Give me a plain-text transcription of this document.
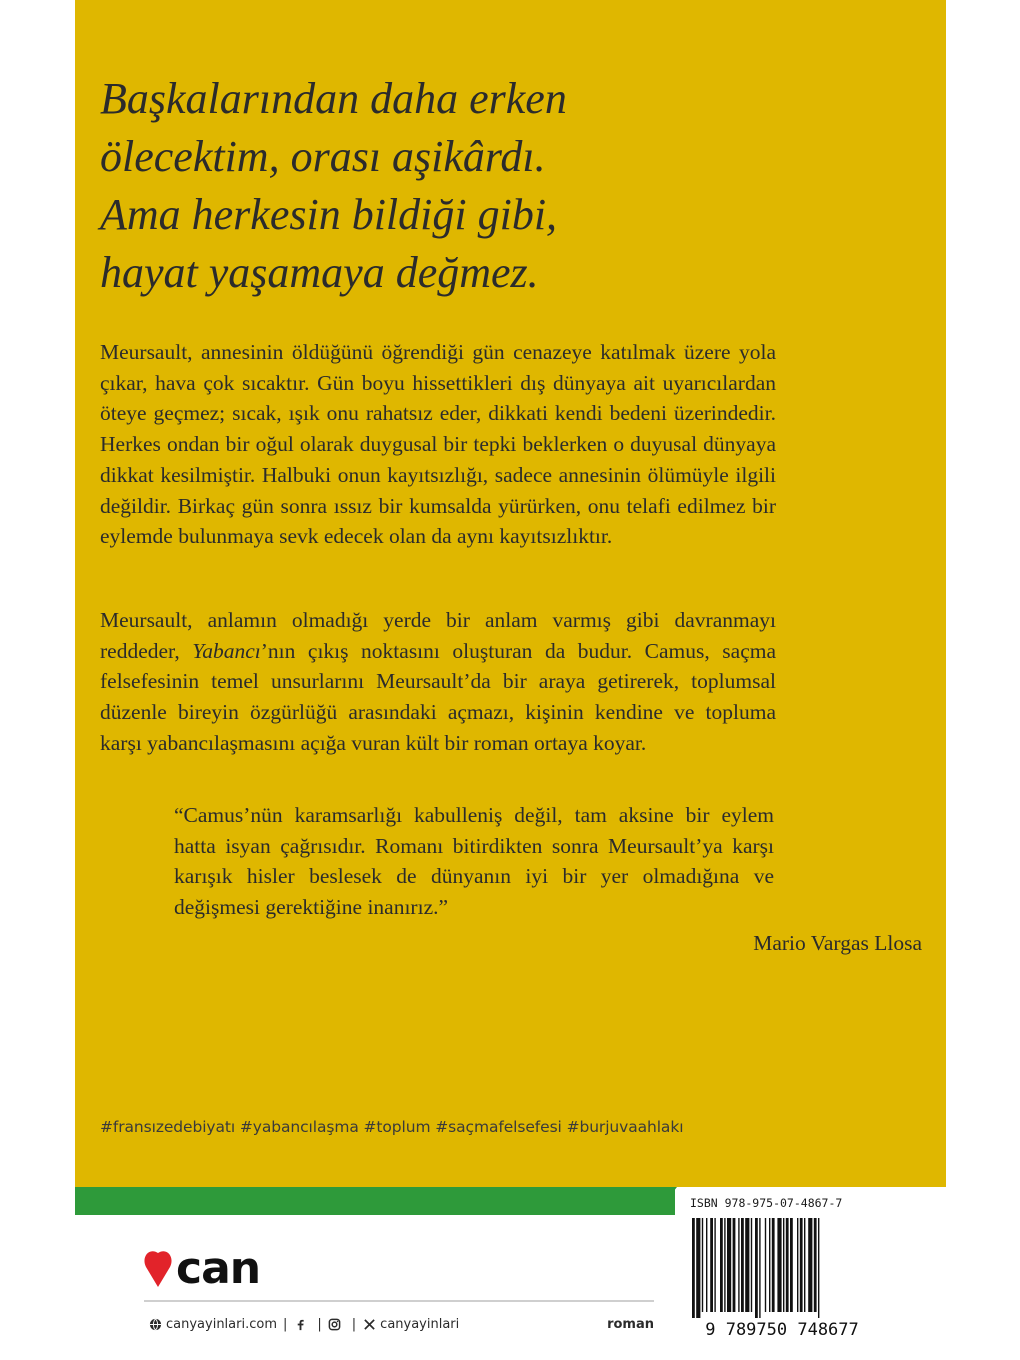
Başkalarından daha erken
ölecektim, orası aşikârdı.
Ama herkesin bildiği gibi,
hayat yaşamaya değmez.

Meursault, annesinin öldüğünü öğrendiği gün cenazeye katılmak üzere yola çıkar, hava çok sıcaktır. Gün boyu hissettikleri dış dünyaya ait uyarıcılardan öteye geçmez; sıcak, ışık onu rahatsız eder, dikkati kendi bedeni üzerindedir. Herkes ondan bir oğul olarak duygusal bir tepki beklerken o duyusal dünyaya dikkat kesilmiştir. Halbuki onun kayıtsızlığı, sadece annesinin ölümüyle ilgili değildir. Birkaç gün sonra ıssız bir kumsalda yürürken, onu telafi edilmez bir eylemde bulunmaya sevk edecek olan da aynı kayıtsızlıktır.

Meursault, anlamın olmadığı yerde bir anlam varmış gibi davranmayı reddeder, Yabancı’nın çıkış noktasını oluşturan da budur. Camus, saçma felsefesinin temel unsurlarını Meursault’da bir araya getirerek, toplumsal düzenle bireyin özgürlüğü arasındaki açmazı, kişinin kendine ve topluma karşı yabancılaşmasını açığa vuran kült bir roman ortaya koyar.

“Camus’nün karamsarlığı kabulleniş değil, tam aksine bir eylem hatta isyan çağrısıdır. Romanı bitirdikten sonra Meursault’ya karşı karışık hisler beslesek de dünyanın iyi bir yer olmadığına ve değişmesi gerektiğine inanırız.”

Mario Vargas Llosa
#fransızedebiyatı #yabancılaşma #toplum #saçmafelsefesi #burjuvaahlakı
can
canyayinlari.com | | | canyayinlari	roman
ISBN 978-975-07-4867-7
9 789750 748677
